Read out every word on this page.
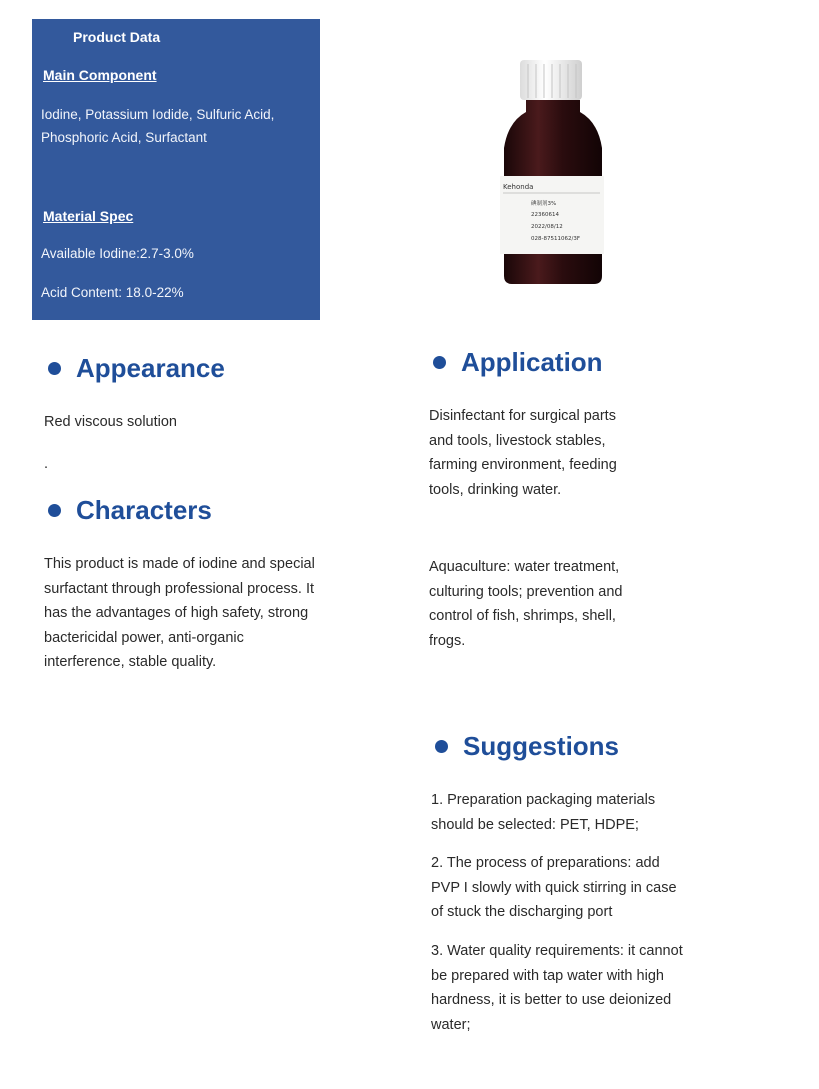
Product Data
Main Component
Iodine, Potassium Iodide, Sulfuric Acid, Phosphoric Acid, Surfactant
Material Spec
Available Iodine:2.7-3.0%
Acid Content: 18.0-22%
Kehonda
碘制剂3%
22360614
2022/08/12
028-87511062/3F
Appearance
Red viscous solution
.
Characters
This product is made of iodine and special surfactant through professional process. It has the advantages of high safety, strong bactericidal power, anti-organic interference, stable quality.
Application
Disinfectant for surgical parts and tools, livestock stables, farming environment, feeding tools, drinking water.
Aquaculture: water treatment, culturing tools; prevention and control of fish, shrimps, shell, frogs.
Suggestions
1. Preparation packaging materials should be selected: PET, HDPE;
2. The process of preparations: add PVP I slowly with quick stirring in case of stuck the discharging port
3. Water quality requirements: it cannot be prepared with tap water with high hardness, it is better to use deionized water;
